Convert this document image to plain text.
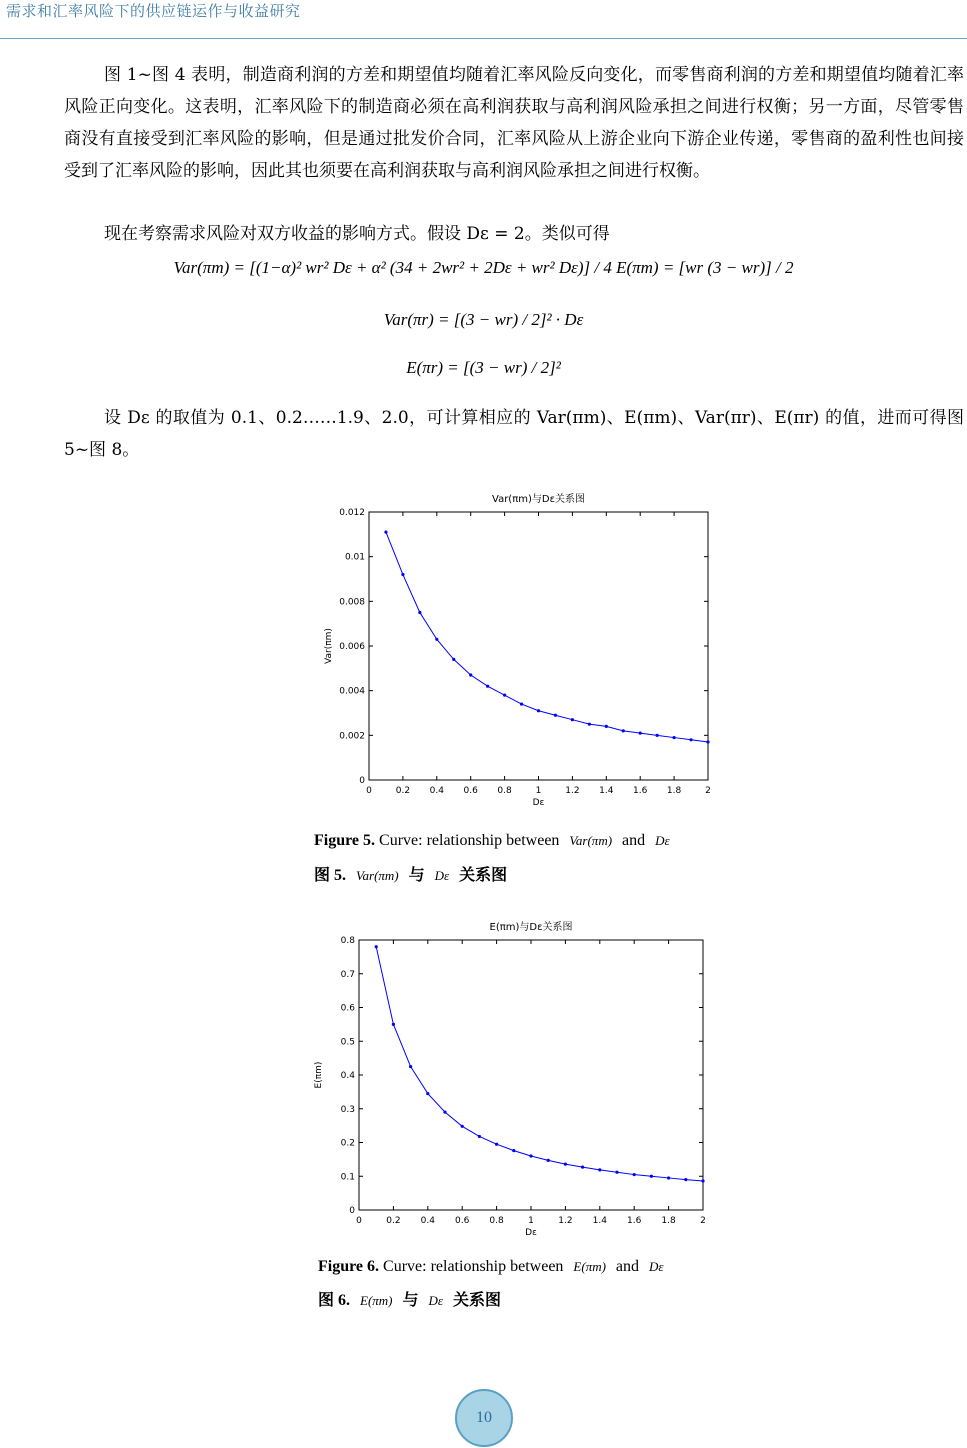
需求和汇率风险下的供应链运作与收益研究

图 1~图 4 表明，制造商利润的方差和期望值均随着汇率风险反向变化，而零售商利润的方差和期望值均随着汇率风险正向变化。这表明，汇率风险下的制造商必须在高利润获取与高利润风险承担之间进行权衡；另一方面，尽管零售商没有直接受到汇率风险的影响，但是通过批发价合同，汇率风险从上游企业向下游企业传递，零售商的盈利性也间接受到了汇率风险的影响，因此其也须要在高利润获取与高利润风险承担之间进行权衡。

现在考察需求风险对双方收益的影响方式。假设 Dε = 2。类似可得

Var(πm) = [(1−α)² wr² Dε + α² (34 + 2wr² + 2Dε + wr² Dε)] / 4 E(πm) = [wr (3 − wr)] / 2
Var(πr) = [(3 − wr) / 2]² · Dε
E(πr) = [(3 − wr) / 2]²

设 Dε 的取值为 0.1、0.2……1.9、2.0，可计算相应的 Var(πm)、E(πm)、Var(πr)、E(πr) 的值，进而可得图 5~图 8。

Var(πm)与Dε关系图
0	0.2 0.4 0.6 0.8	1	1.2 1.4 1.6 1.8	2
0
0.002
0.004
0.006
0.008
0.01
0.012
Dε
Var(πm)
Figure 5. Curve: relationship between Var(πm) and Dε
图 5. Var(πm) 与 Dε 关系图
E(πm)与Dε关系图
0	0.2 0.4 0.6 0.8	1	1.2 1.4 1.6 1.8	2
0
0.1
0.2
0.3
0.4
0.5
0.6
0.7
0.8
Dε
E(πm)
Figure 6. Curve: relationship between E(πm) and Dε
图 6. E(πm) 与 Dε 关系图
10
